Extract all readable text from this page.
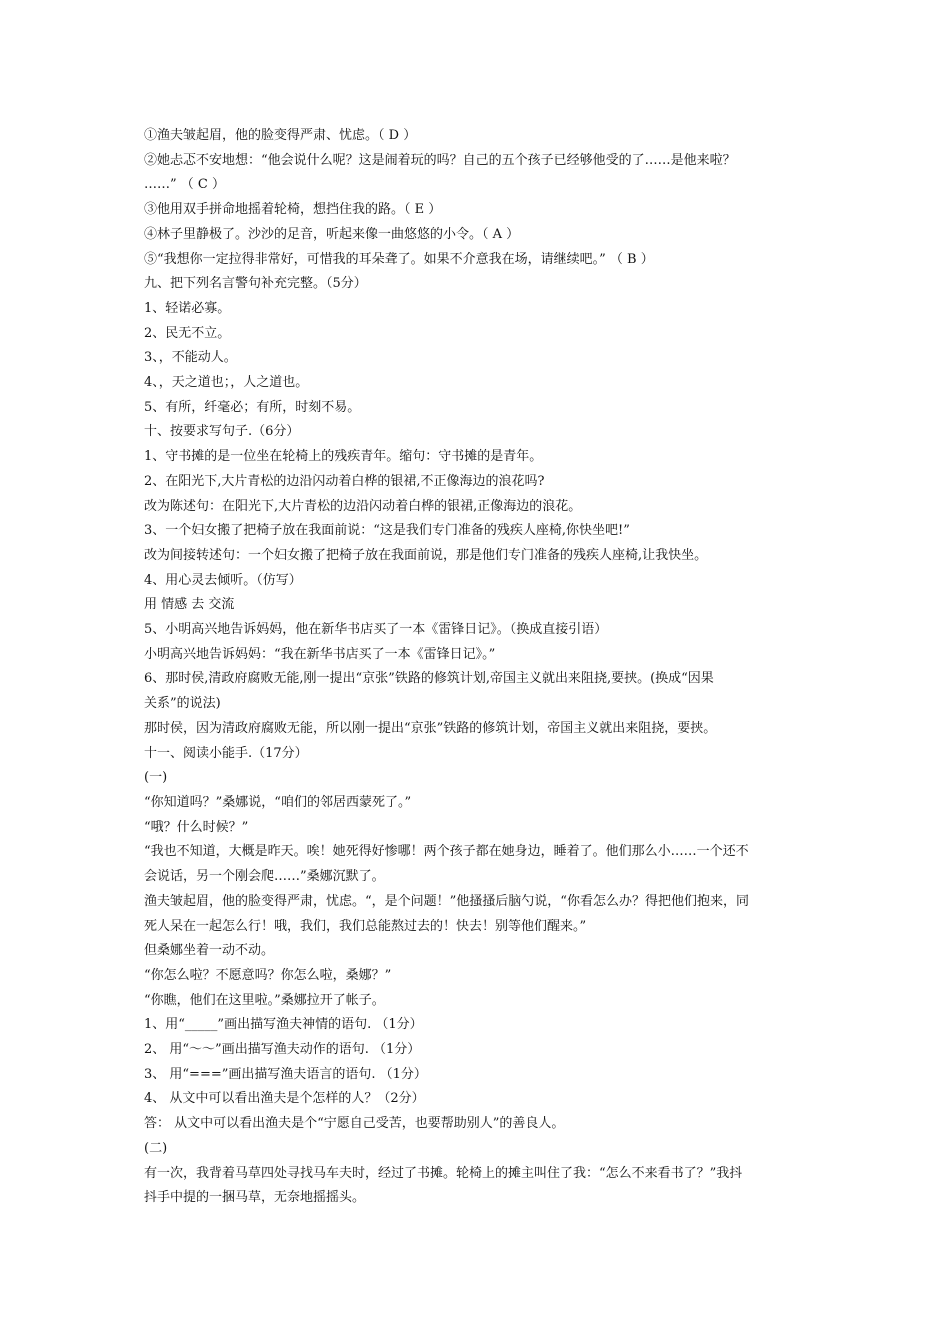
①渔夫皱起眉，他的脸变得严肃、忧虑。（ D ）
②她忐忑不安地想：“他会说什么呢？这是闹着玩的吗？自己的五个孩子已经够他受的了……是他来啦？
……” （ C ）
③他用双手拼命地摇着轮椅，想挡住我的路。（ E ）
④林子里静极了。沙沙的足音，听起来像一曲悠悠的小令。（ A ）
⑤“我想你一定拉得非常好，可惜我的耳朵聋了。如果不介意我在场，请继续吧。” （ B ）
九、把下列名言警句补充完整。（5分）
1、轻诺必寡。
2、民无不立。
3、，不能动人。
4、，天之道也；，人之道也。
5、有所，纤毫必；有所，时刻不易。
十、按要求写句子.（6分）
1、守书摊的是一位坐在轮椅上的残疾青年。缩句：守书摊的是青年。
2、在阳光下,大片青松的边沿闪动着白桦的银裙,不正像海边的浪花吗?
改为陈述句：在阳光下,大片青松的边沿闪动着白桦的银裙,正像海边的浪花。
3、一个妇女搬了把椅子放在我面前说：“这是我们专门准备的残疾人座椅,你快坐吧!”
改为间接转述句：一个妇女搬了把椅子放在我面前说，那是他们专门准备的残疾人座椅,让我快坐。
4、用心灵去倾听。（仿写）
用 情感 去 交流
5、小明高兴地告诉妈妈，他在新华书店买了一本《雷锋日记》。（换成直接引语）
小明高兴地告诉妈妈：“我在新华书店买了一本《雷锋日记》。”
6、那时侯,清政府腐败无能,刚一提出“京张”铁路的修筑计划,帝国主义就出来阻挠,要挟。(换成“因果
关系”的说法)
那时侯，因为清政府腐败无能，所以刚一提出“京张”铁路的修筑计划，帝国主义就出来阻挠，要挟。
十一、阅读小能手.（17分）
(一)
“你知道吗？”桑娜说，“咱们的邻居西蒙死了。”
“哦？什么时候？”
“我也不知道，大概是昨天。唉！她死得好惨哪！两个孩子都在她身边，睡着了。他们那么小……一个还不
会说话，另一个刚会爬……”桑娜沉默了。
渔夫皱起眉，他的脸变得严肃，忧虑。“，是个问题！”他搔搔后脑勺说，“你看怎么办？得把他们抱来，同
死人呆在一起怎么行！哦，我们，我们总能熬过去的！快去！别等他们醒来。”
但桑娜坐着一动不动。
“你怎么啦？不愿意吗？你怎么啦，桑娜？”
“你瞧，他们在这里啦。”桑娜拉开了帐子。
1、用“_____”画出描写渔夫神情的语句. （1分）
2、 用“～～”画出描写渔夫动作的语句. （1分）
3、 用“===”画出描写渔夫语言的语句. （1分）
4、 从文中可以看出渔夫是个怎样的人？（2分）
答： 从文中可以看出渔夫是个“宁愿自己受苦，也要帮助别人”的善良人。
(二)
有一次，我背着马草四处寻找马车夫时，经过了书摊。轮椅上的摊主叫住了我：“怎么不来看书了？”我抖
抖手中提的一捆马草，无奈地摇摇头。
